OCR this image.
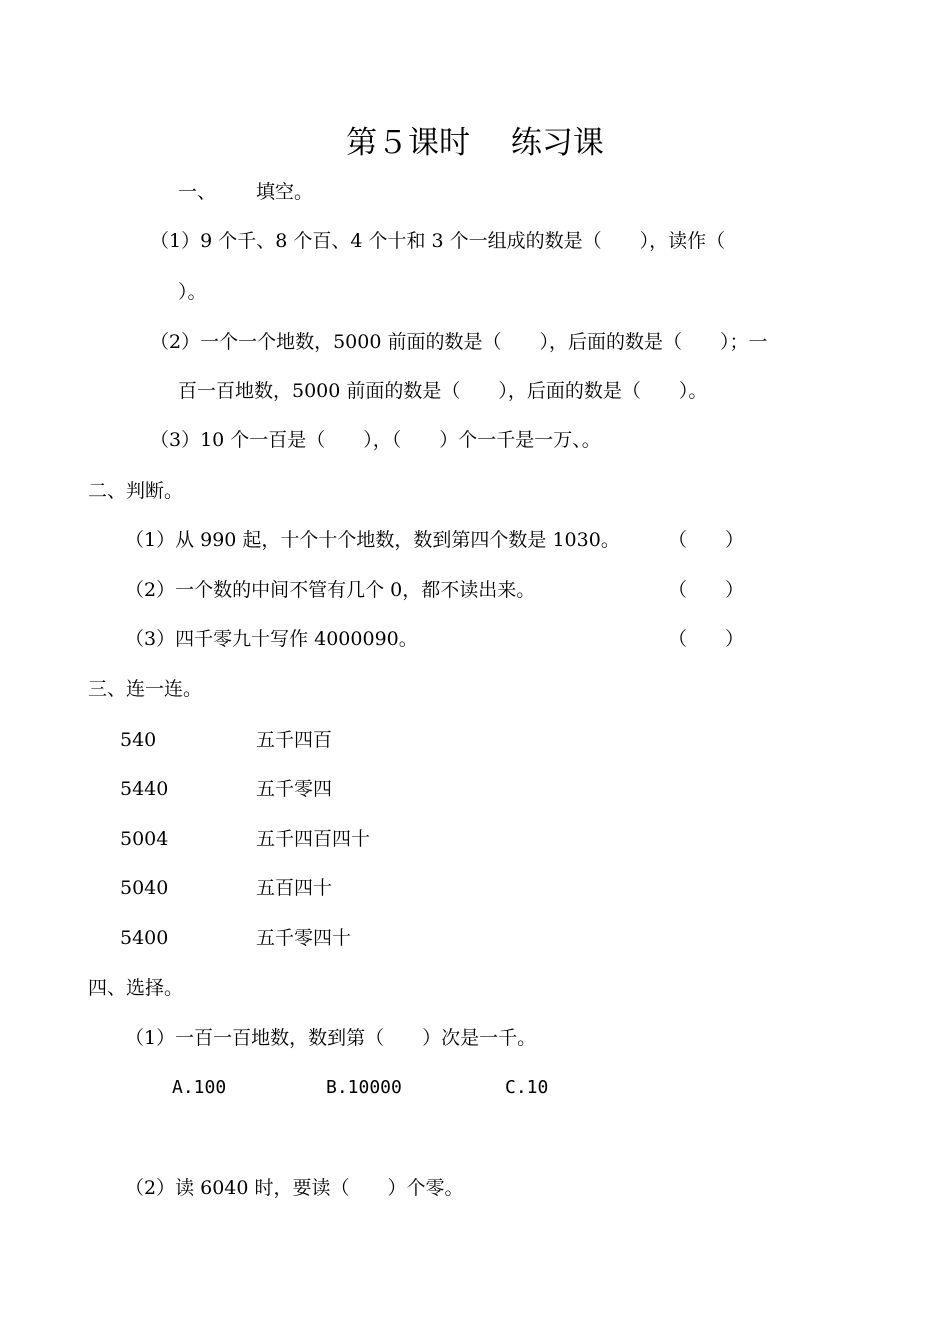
第５课时　 练习课
一、 填空。
（1）9 个千、8 个百、4 个十和 3 个一组成的数是（　　），读作（
）。
（2）一个一个地数，5000 前面的数是（　　），后面的数是（　　）；一
百一百地数，5000 前面的数是（　　），后面的数是（　　）。
（3）10 个一百是（　　），（　　）个一千是一万、。
二、判断。
（1）从 990 起，十个十个地数，数到第四个数是 1030。	（　　）
（2）一个数的中间不管有几个 0，都不读出来。	（　　）
（3）四千零九十写作 4000090。	（　　）
三、连一连。
540	五千四百
5440	五千零四
5004	五千四百四十
5040	五百四十
5400	五千零四十
四、选择。
（1）一百一百地数，数到第（　　）次是一千。
A.100	B.10000	C.10
（2）读 6040 时，要读（　　）个零。
